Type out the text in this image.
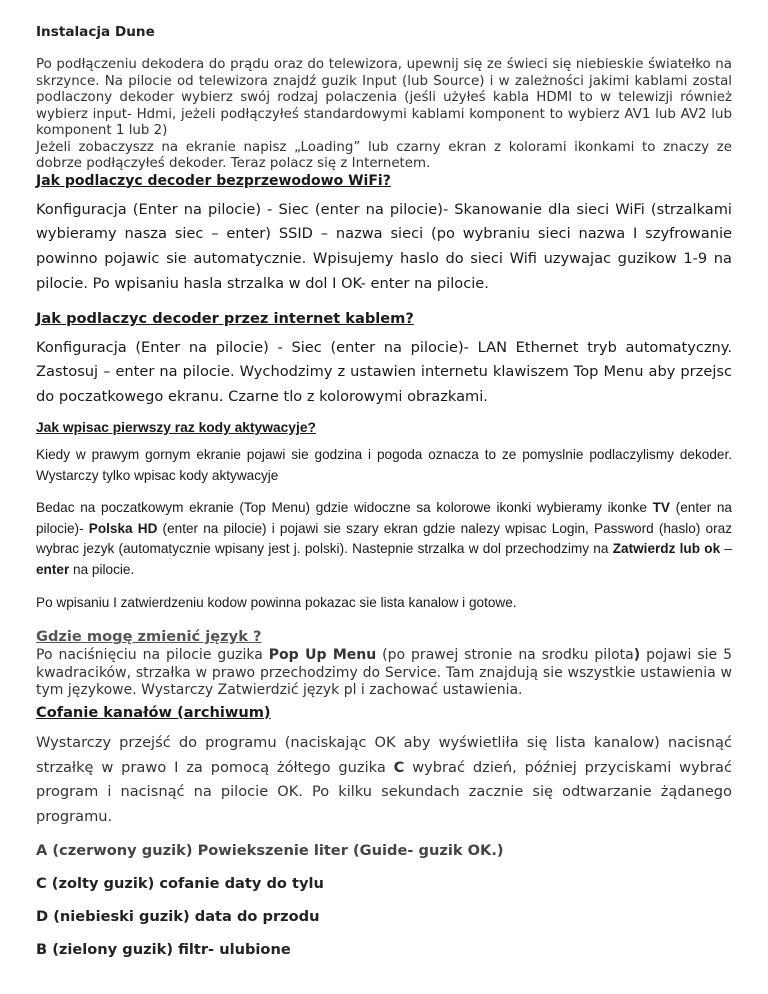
Instalacja Dune

Po podłączeniu dekodera do prądu oraz do telewizora, upewnij się ze świeci się niebieskie światełko na skrzynce. Na pilocie od telewizora znajdź guzik Input (lub Source) i w zależności jakimi kablami zostal podlaczony dekoder wybierz swój rodzaj polaczenia (jeśli użyłeś kabla HDMI to w telewizji również wybierz input- Hdmi, jeżeli podłączyłeś standardowymi kablami komponent to wybierz AV1 lub AV2 lub komponent 1 lub 2)

Jeżeli zobaczyszz na ekranie napisz „Loading” lub czarny ekran z kolorami ikonkami to znaczy ze dobrze podłączyłeś dekoder. Teraz polacz się z Internetem.

Jak podlaczyc decoder bezprzewodowo WiFi?

Konfiguracja (Enter na pilocie) - Siec (enter na pilocie)- Skanowanie dla sieci WiFi (strzalkami wybieramy nasza siec – enter) SSID – nazwa sieci (po wybraniu sieci nazwa I szyfrowanie powinno pojawic sie automatycznie. Wpisujemy haslo do sieci Wifi uzywajac guzikow 1-9 na pilocie. Po wpisaniu hasla strzalka w dol I OK- enter na pilocie.

Jak podlaczyc decoder przez internet kablem?

Konfiguracja (Enter na pilocie) - Siec (enter na pilocie)- LAN Ethernet tryb automatyczny. Zastosuj – enter na pilocie. Wychodzimy z ustawien internetu klawiszem Top Menu aby przejsc do poczatkowego ekranu. Czarne tlo z kolorowymi obrazkami.

Jak wpisac pierwszy raz kody aktywacyje?

Kiedy w prawym gornym ekranie pojawi sie godzina i pogoda oznacza to ze pomyslnie podlaczylismy dekoder. Wystarczy tylko wpisac kody aktywacyje

Bedac na poczatkowym ekranie (Top Menu) gdzie widoczne sa kolorowe ikonki wybieramy ikonke TV (enter na pilocie)- Polska HD (enter na pilocie) i pojawi sie szary ekran gdzie nalezy wpisac Login, Password (haslo) oraz wybrac jezyk (automatycznie wpisany jest j. polski). Nastepnie strzalka w dol przechodzimy na Zatwierdz lub ok – enter na pilocie.

Po wpisaniu I zatwierdzeniu kodow powinna pokazac sie lista kanalow i gotowe.

Gdzie mogę zmienić język ?

Po naciśnięciu na pilocie guzika Pop Up Menu (po prawej stronie na srodku pilota) pojawi sie 5 kwadracików, strzałka w prawo przechodzimy do Service. Tam znajdują sie wszystkie ustawienia w tym językowe. Wystarczy Zatwierdzić język pl i zachować ustawienia.

Cofanie kanałów (archiwum)

Wystarczy przejść do programu (naciskając OK aby wyświetliła się lista kanalow) nacisnąć strzałkę w prawo I za pomocą żółtego guzika C wybrać dzień, później przyciskami wybrać program i nacisnąć na pilocie OK. Po kilku sekundach zacznie się odtwarzanie żądanego programu.

A (czerwony guzik) Powiekszenie liter (Guide- guzik OK.)
C (zolty guzik) cofanie daty do tylu
D (niebieski guzik) data do przodu
B (zielony guzik) filtr- ulubione
